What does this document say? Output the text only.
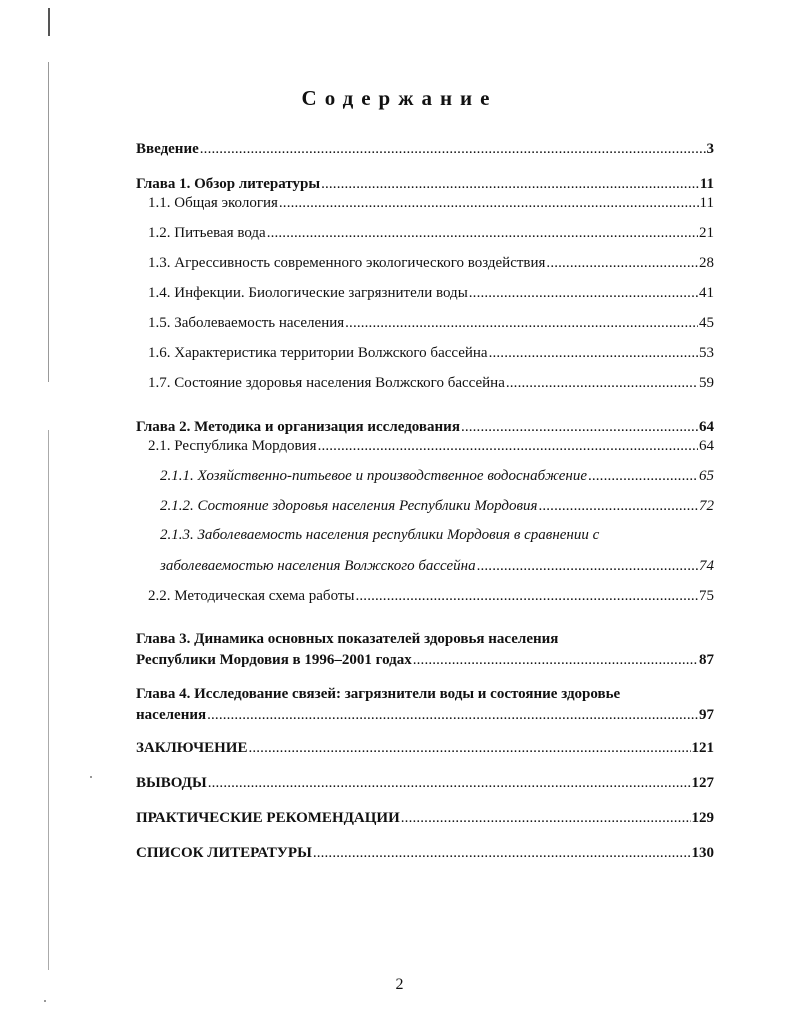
Содержание
Введение . . .	3
Глава 1. Обзор литературы . . .	11
1.1. Общая экология . . .	11
1.2. Питьевая вода . . .	21
1.3. Агрессивность современного экологического воздействия . . .	28
1.4. Инфекции. Биологические загрязнители воды . . .	41
1.5. Заболеваемость населения . . .	45
1.6. Характеристика территории Волжского бассейна . . .	53
1.7. Состояние здоровья населения Волжского бассейна . . .	59
Глава 2. Методика и организация исследования . . .	64
2.1. Республика Мордовия . . .	64
2.1.1. Хозяйственно-питьевое и производственное водоснабжение . . .	65
2.1.2. Состояние здоровья населения Республики Мордовия . . .	72
2.1.3. Заболеваемость населения республики Мордовия в сравнении с
заболеваемостью населения Волжского бассейна . . .	74
2.2. Методическая схема работы . . .	75
Глава 3. Динамика основных показателей здоровья населения
Республики Мордовия в 1996–2001 годах . . .	87
Глава 4. Исследование связей: загрязнители воды и состояние здоровье
населения . . .	97
ЗАКЛЮЧЕНИЕ . . .	121
ВЫВОДЫ . . .	127
ПРАКТИЧЕСКИЕ РЕКОМЕНДАЦИИ . . .	129
СПИСОК ЛИТЕРАТУРЫ . . .	130
2
